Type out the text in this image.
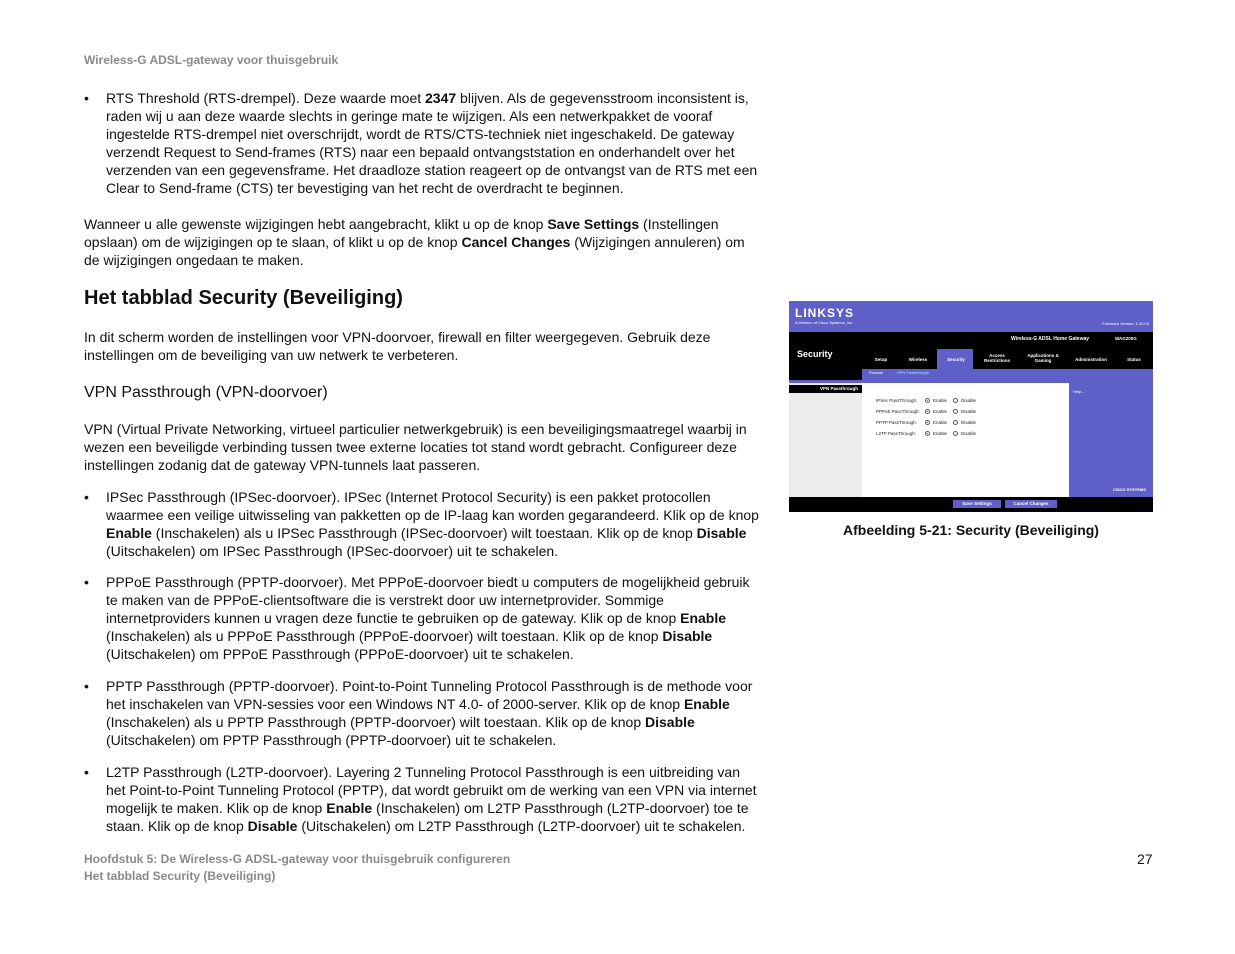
Wireless-G ADSL-gateway voor thuisgebruik
• RTS Threshold (RTS-drempel). Deze waarde moet 2347 blijven. Als de gegevensstroom inconsistent is, raden wij u aan deze waarde slechts in geringe mate te wijzigen. Als een netwerkpakket de vooraf ingestelde RTS-drempel niet overschrijdt, wordt de RTS/CTS-techniek niet ingeschakeld. De gateway verzendt Request to Send-frames (RTS) naar een bepaald ontvangststation en onderhandelt over het verzenden van een gegevensframe. Het draadloze station reageert op de ontvangst van de RTS met een Clear to Send-frame (CTS) ter bevestiging van het recht de overdracht te beginnen.
Wanneer u alle gewenste wijzigingen hebt aangebracht, klikt u op de knop Save Settings (Instellingen opslaan) om de wijzigingen op te slaan, of klikt u op de knop Cancel Changes (Wijzigingen annuleren) om de wijzigingen ongedaan te maken.
Het tabblad Security (Beveiliging)
In dit scherm worden de instellingen voor VPN-doorvoer, firewall en filter weergegeven. Gebruik deze instellingen om de beveiliging van uw netwerk te verbeteren.
VPN Passthrough (VPN-doorvoer)
VPN (Virtual Private Networking, virtueel particulier netwerkgebruik) is een beveiligingsmaatregel waarbij in wezen een beveiligde verbinding tussen twee externe locaties tot stand wordt gebracht. Configureer deze instellingen zodanig dat de gateway VPN-tunnels laat passeren.
• IPSec Passthrough (IPSec-doorvoer). IPSec (Internet Protocol Security) is een pakket protocollen waarmee een veilige uitwisseling van pakketten op de IP-laag kan worden gegarandeerd. Klik op de knop Enable (Inschakelen) als u IPSec Passthrough (IPSec-doorvoer) wilt toestaan. Klik op de knop Disable (Uitschakelen) om IPSec Passthrough (IPSec-doorvoer) uit te schakelen.
• PPPoE Passthrough (PPTP-doorvoer). Met PPPoE-doorvoer biedt u computers de mogelijkheid gebruik te maken van de PPPoE-clientsoftware die is verstrekt door uw internetprovider. Sommige internetproviders kunnen u vragen deze functie te gebruiken op de gateway. Klik op de knop Enable (Inschakelen) als u PPPoE Passthrough (PPPoE-doorvoer) wilt toestaan. Klik op de knop Disable (Uitschakelen) om PPPoE Passthrough (PPPoE-doorvoer) uit te schakelen.
• PPTP Passthrough (PPTP-doorvoer). Point-to-Point Tunneling Protocol Passthrough is de methode voor het inschakelen van VPN-sessies voor een Windows NT 4.0- of 2000-server. Klik op de knop Enable (Inschakelen) als u PPTP Passthrough (PPTP-doorvoer) wilt toestaan. Klik op de knop Disable (Uitschakelen) om PPTP Passthrough (PPTP-doorvoer) uit te schakelen.
• L2TP Passthrough (L2TP-doorvoer). Layering 2 Tunneling Protocol Passthrough is een uitbreiding van het Point-to-Point Tunneling Protocol (PPTP), dat wordt gebruikt om de werking van een VPN via internet mogelijk te maken. Klik op de knop Enable (Inschakelen) om L2TP Passthrough (L2TP-doorvoer) toe te staan. Klik op de knop Disable (Uitschakelen) om L2TP Passthrough (L2TP-doorvoer) uit te schakelen.
LINKSYS
A Division of Cisco Systems, Inc.	Firmware Version: 1.00.03
Security
Wireless-G ADSL Home Gateway	WAG200G
Setup	Wireless	Security
Access Restrictions
Applications & Gaming	Administration	Status
Firewall	VPN Passthrough
VPN Passthrough
Help...
CISCO SYSTEMS
IPSec PassThrough:	Enable	Disable
PPPoE PassThrough:	Enable	Disable
PPTP PassThrough:	Enable	Disable
L2TP PassThrough:	Enable	Disable
Save Settings	Cancel Changes
Afbeelding 5-21: Security (Beveiliging)
Hoofdstuk 5: De Wireless-G ADSL-gateway voor thuisgebruik configureren
Het tabblad Security (Beveiliging)
27
